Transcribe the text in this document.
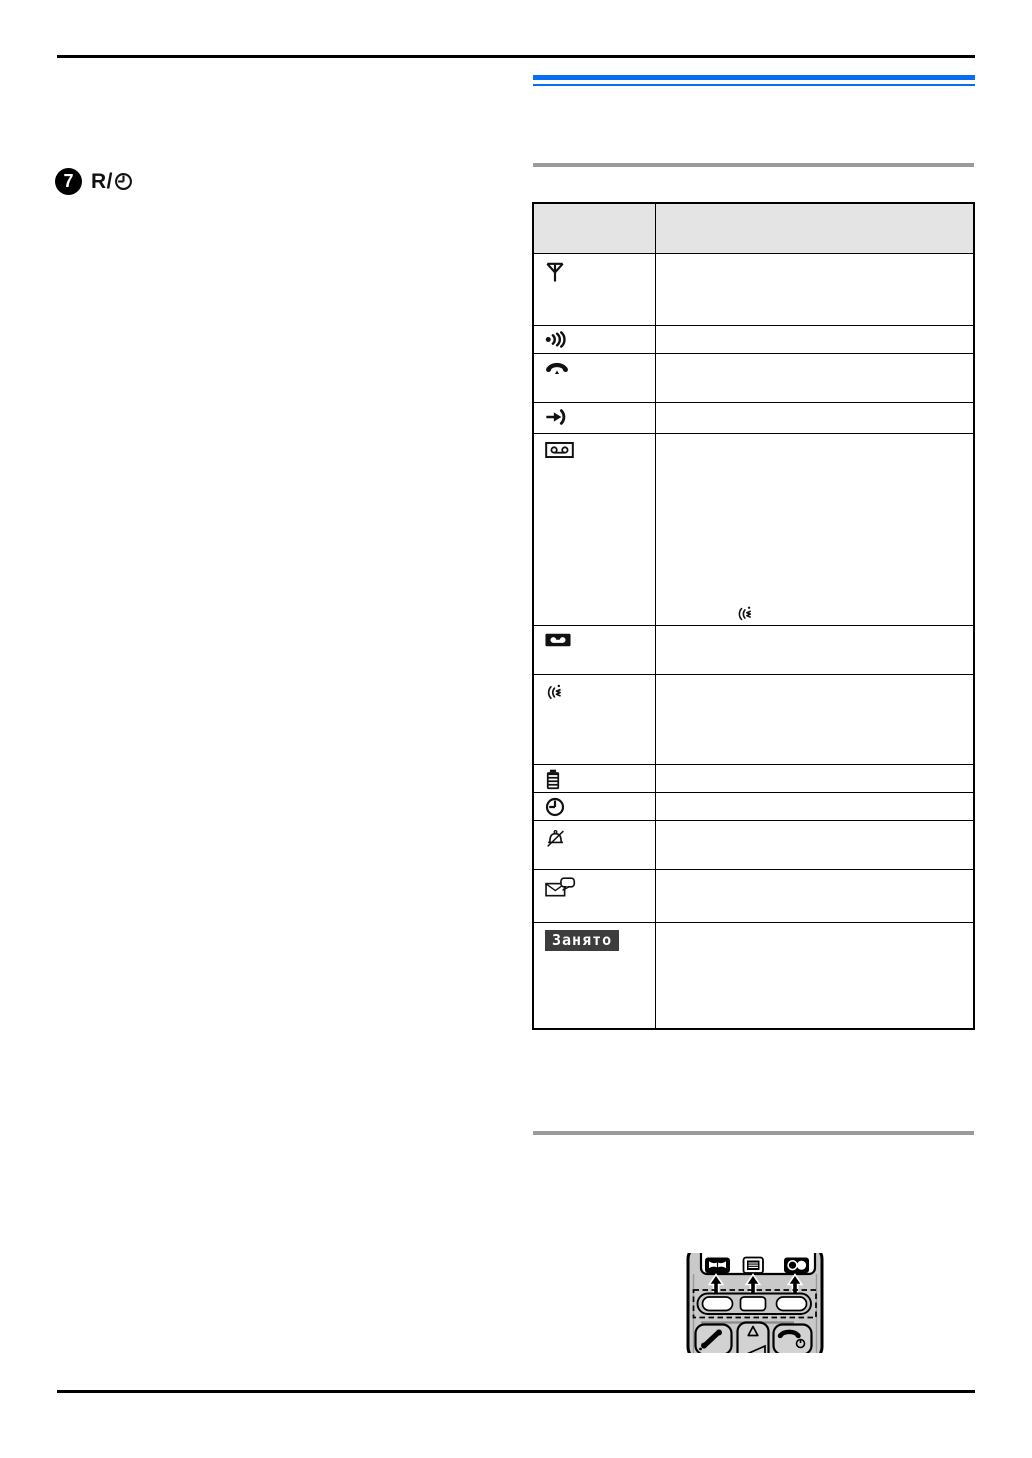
7 R/
Занято
